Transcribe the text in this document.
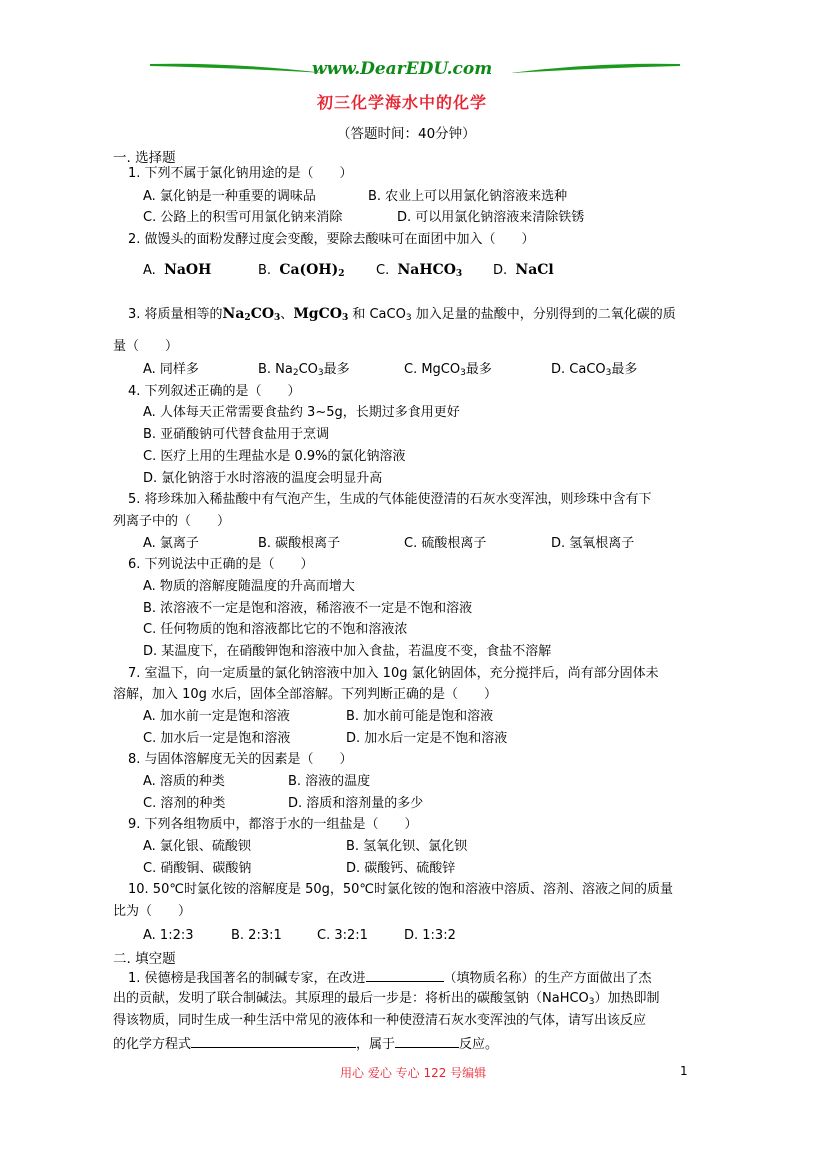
www.DearEDU.com
初三化学海水中的化学
（答题时间：40分钟）
一. 选择题
1. 下列不属于氯化钠用途的是（　　）
A. 氯化钠是一种重要的调味品	B. 农业上可以用氯化钠溶液来选种
C. 公路上的积雪可用氯化钠来消除	D. 可以用氯化钠溶液来清除铁锈
2. 做馒头的面粉发酵过度会变酸，要除去酸味可在面团中加入（　　）
A. NaOH	B. $Ca(OH)_2$ C. NaHCO$_3$ D. NaCl
3. 将质量相等的$Na_2CO_3$、MgCO$_3$ 和 CaCO$_3$ 加入足量的盐酸中，分别得到的二氧化碳的质
量（　　）
A. 同样多	B. $Na_2CO_3$最多	C. MgCO$_3$最多	D. CaCO$_3$最多
4. 下列叙述正确的是（　　）
A. 人体每天正常需要食盐约 3~5g，长期过多食用更好
B. 亚硝酸钠可代替食盐用于烹调
C. 医疗上用的生理盐水是 0.9%的氯化钠溶液
D. 氯化钠溶于水时溶液的温度会明显升高
5. 将珍珠加入稀盐酸中有气泡产生，生成的气体能使澄清的石灰水变浑浊，则珍珠中含有下
列离子中的（　　）
A. 氯离子	B. 碳酸根离子	C. 硫酸根离子	D. 氢氧根离子
6. 下列说法中正确的是（　　）
A. 物质的溶解度随温度的升高而增大
B. 浓溶液不一定是饱和溶液，稀溶液不一定是不饱和溶液
C. 任何物质的饱和溶液都比它的不饱和溶液浓
D. 某温度下，在硝酸钾饱和溶液中加入食盐，若温度不变，食盐不溶解
7. 室温下，向一定质量的氯化钠溶液中加入 10g 氯化钠固体，充分搅拌后，尚有部分固体未
溶解，加入 10g 水后，固体全部溶解。下列判断正确的是（　　）
A. 加水前一定是饱和溶液	B. 加水前可能是饱和溶液
C. 加水后一定是饱和溶液	D. 加水后一定是不饱和溶液
8. 与固体溶解度无关的因素是（　　）
A. 溶质的种类	B. 溶液的温度
C. 溶剂的种类	D. 溶质和溶剂量的多少
9. 下列各组物质中，都溶于水的一组盐是（　　）
A. 氯化银、硫酸钡	B. 氢氧化钡、氯化钡
C. 硝酸铜、碳酸钠	D. 碳酸钙、硫酸锌
10. 50℃时氯化铵的溶解度是 50g，50℃时氯化铵的饱和溶液中溶质、溶剂、溶液之间的质量
比为（　　）
A. 1:2:3	B. 2:3:1	C. 3:2:1	D. 1:3:2
二. 填空题
1. 侯德榜是我国著名的制碱专家，在改进	（填物质名称）的生产方面做出了杰
出的贡献，发明了联合制碱法。其原理的最后一步是：将析出的碳酸氢钠（NaHCO$_3$）加热即制
得该物质，同时生成一种生活中常见的液体和一种使澄清石灰水变浑浊的气体，请写出该反应
的化学方程式	，属于	反应。
用心 爱心 专心 122 号编辑	1
